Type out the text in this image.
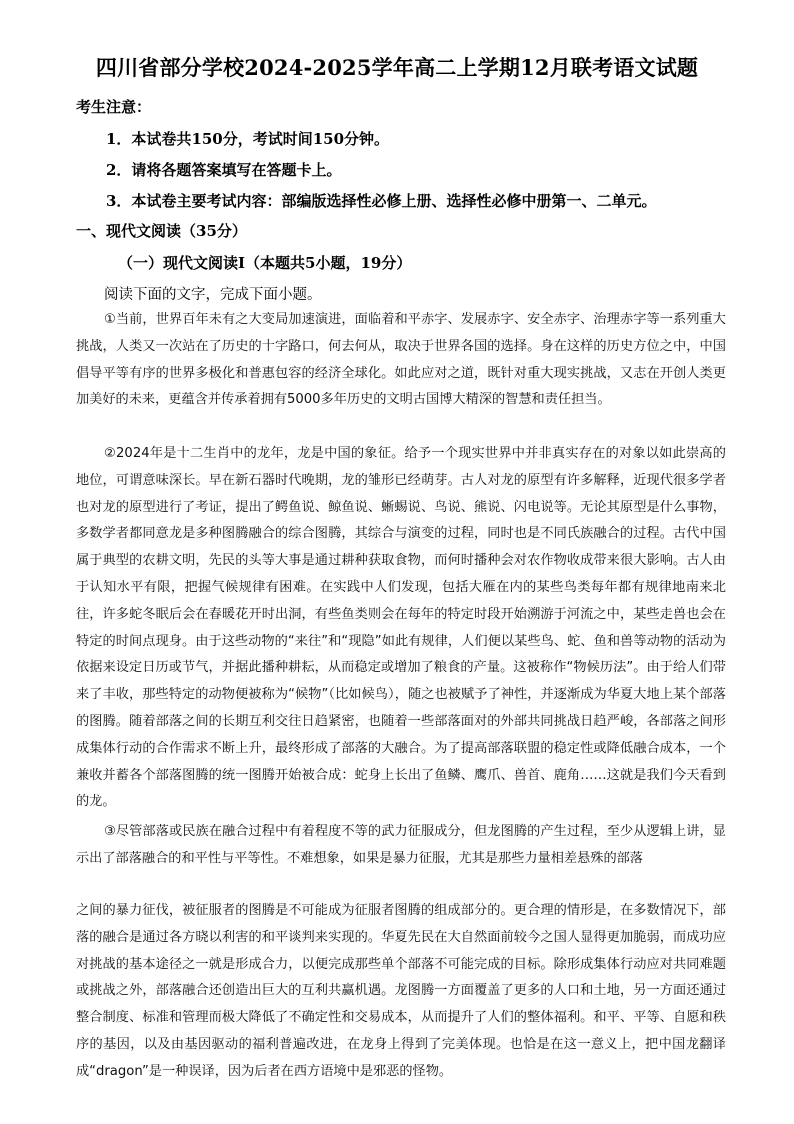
四川省部分学校2024-2025学年高二上学期12月联考语文试题
考生注意：
1．本试卷共150分，考试时间150分钟。
2．请将各题答案填写在答题卡上。
3．本试卷主要考试内容：部编版选择性必修上册、选择性必修中册第一、二单元。
一、现代文阅读（35分）
（一）现代文阅读Ⅰ（本题共5小题，19分）
阅读下面的文字，完成下面小题。

①当前，世界百年未有之大变局加速演进，面临着和平赤字、发展赤字、安全赤字、治理赤字等一系列重大挑战，人类又一次站在了历史的十字路口，何去何从，取决于世界各国的选择。身在这样的历史方位之中，中国倡导平等有序的世界多极化和普惠包容的经济全球化。如此应对之道，既针对重大现实挑战，又志在开创人类更加美好的未来，更蕴含并传承着拥有5000多年历史的文明古国博大精深的智慧和责任担当。

②2024年是十二生肖中的龙年，龙是中国的象征。给予一个现实世界中并非真实存在的对象以如此崇高的地位，可谓意味深长。早在新石器时代晚期，龙的雏形已经萌芽。古人对龙的原型有许多解释，近现代很多学者也对龙的原型进行了考证，提出了鳄鱼说、鲸鱼说、蜥蜴说、鸟说、熊说、闪电说等。无论其原型是什么事物，多数学者都同意龙是多种图腾融合的综合图腾，其综合与演变的过程，同时也是不同氏族融合的过程。古代中国属于典型的农耕文明，先民的头等大事是通过耕种获取食物，而何时播种会对农作物收成带来很大影响。古人由于认知水平有限，把握气候规律有困难。在实践中人们发现，包括大雁在内的某些鸟类每年都有规律地南来北往，许多蛇冬眠后会在春暖花开时出洞，有些鱼类则会在每年的特定时段开始溯游于河流之中，某些走兽也会在特定的时间点现身。由于这些动物的“来往”和“现隐”如此有规律，人们便以某些鸟、蛇、鱼和兽等动物的活动为依据来设定日历或节气，并据此播种耕耘，从而稳定或增加了粮食的产量。这被称作“物候历法”。由于给人们带来了丰收，那些特定的动物便被称为“候物”（比如候鸟），随之也被赋予了神性，并逐渐成为华夏大地上某个部落的图腾。随着部落之间的长期互利交往日趋紧密，也随着一些部落面对的外部共同挑战日趋严峻，各部落之间形成集体行动的合作需求不断上升，最终形成了部落的大融合。为了提高部落联盟的稳定性或降低融合成本，一个兼收并蓄各个部落图腾的统一图腾开始被合成：蛇身上长出了鱼鳞、鹰爪、兽首、鹿角……这就是我们今天看到的龙。

③尽管部落或民族在融合过程中有着程度不等的武力征服成分，但龙图腾的产生过程，至少从逻辑上讲，显示出了部落融合的和平性与平等性。不难想象，如果是暴力征服，尤其是那些力量相差悬殊的部落

之间的暴力征伐，被征服者的图腾是不可能成为征服者图腾的组成部分的。更合理的情形是，在多数情况下，部落的融合是通过各方晓以利害的和平谈判来实现的。华夏先民在大自然面前较今之国人显得更加脆弱，而成功应对挑战的基本途径之一就是形成合力，以便完成那些单个部落不可能完成的目标。除形成集体行动应对共同难题或挑战之外，部落融合还创造出巨大的互利共赢机遇。龙图腾一方面覆盖了更多的人口和土地，另一方面还通过整合制度、标准和管理而极大降低了不确定性和交易成本，从而提升了人们的整体福利。和平、平等、自愿和秩序的基因，以及由基因驱动的福利普遍改进，在龙身上得到了完美体现。也恰是在这一意义上，把中国龙翻译成“dragon”是一种误译，因为后者在西方语境中是邪恶的怪物。
